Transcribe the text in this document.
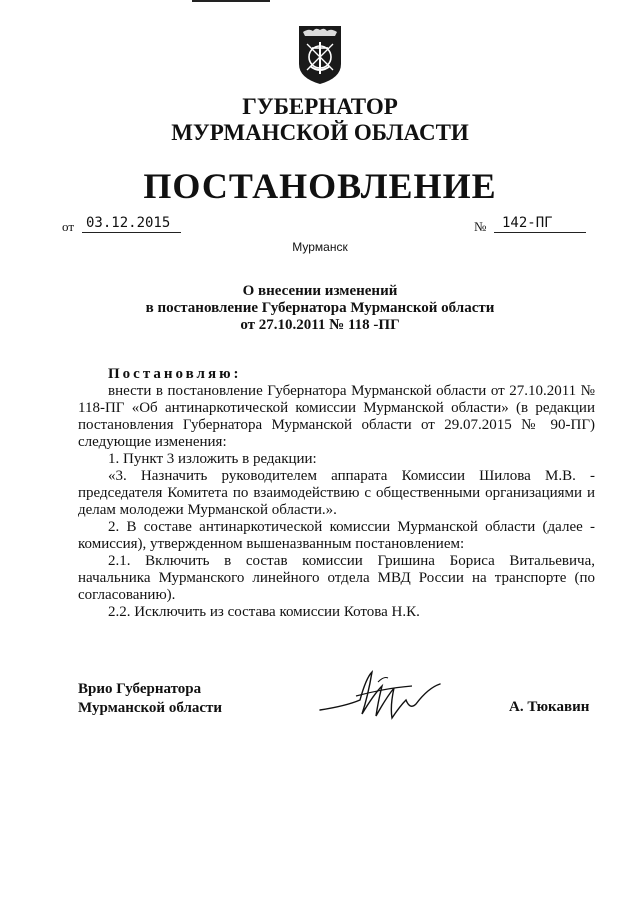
ГУБЕРНАТОР
МУРМАНСКОЙ ОБЛАСТИ
ПОСТАНОВЛЕНИЕ
от 03.12.2015	№	142-ПГ
Мурманск
О внесении изменений
в постановление Губернатора Мурманской области
от 27.10.2011 № 118 -ПГ

Постановляю:

внести в постановление Губернатора Мурманской области от 27.10.2011 № 118-ПГ «Об антинаркотической комиссии Мурманской области» (в редакции постановления Губернатора Мурманской области от 29.07.2015 № 90-ПГ) следующие изменения:

1. Пункт 3 изложить в редакции:

«3. Назначить руководителем аппарата Комиссии Шилова М.В. - председателя Комитета по взаимодействию с общественными организациями и делам молодежи Мурманской области.».

2. В составе антинаркотической комиссии Мурманской области (далее - комиссия), утвержденном вышеназванным постановлением:

2.1. Включить в состав комиссии Гришина Бориса Витальевича, начальника Мурманского линейного отдела МВД России на транспорте (по согласованию).

2.2. Исключить из состава комиссии Котова Н.К.

Врио Губернатора
Мурманской области	А. Тюкавин
